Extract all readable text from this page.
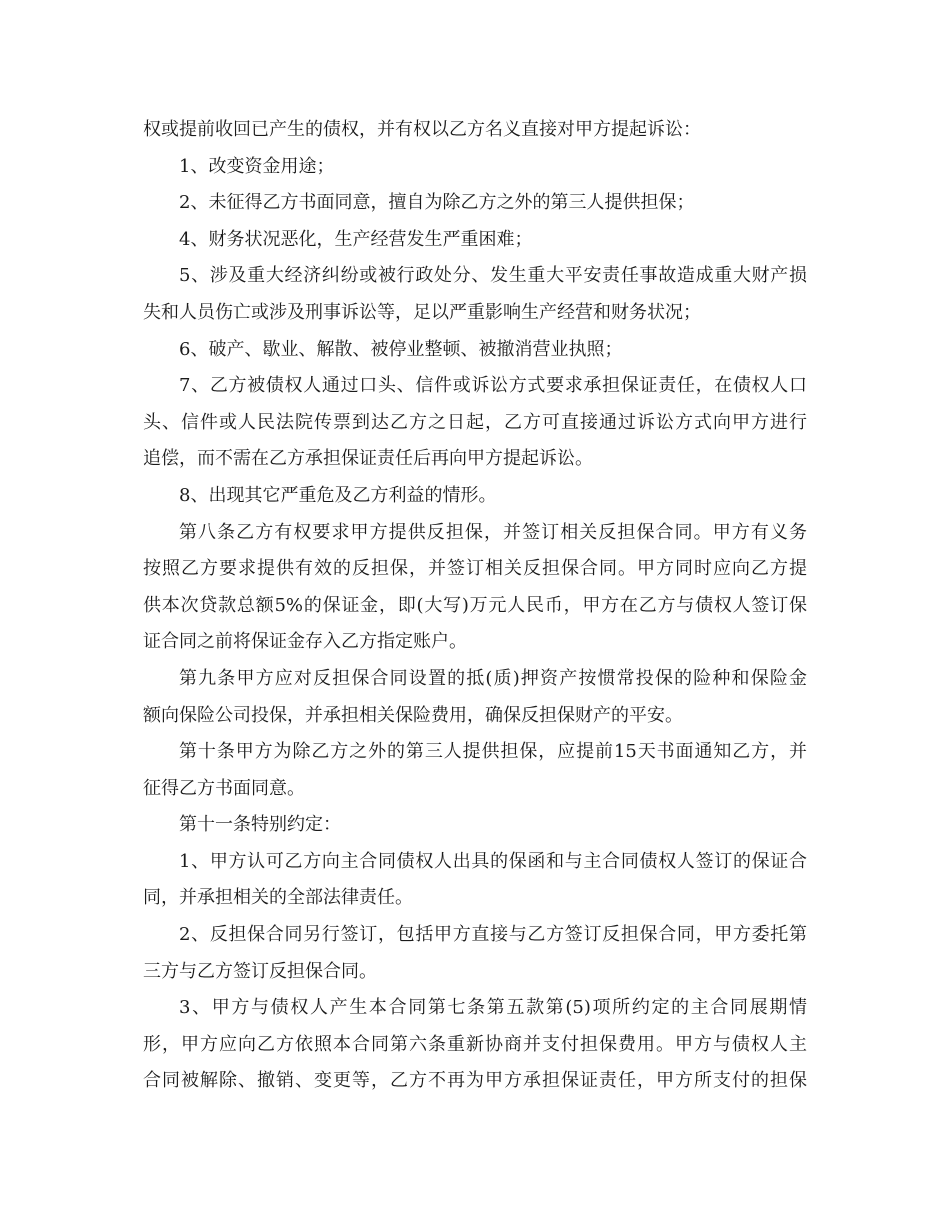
权或提前收回已产生的债权，并有权以乙方名义直接对甲方提起诉讼：
1、改变资金用途；
2、未征得乙方书面同意，擅自为除乙方之外的第三人提供担保；
4、财务状况恶化，生产经营发生严重困难；
5、涉及重大经济纠纷或被行政处分、发生重大平安责任事故造成重大财产损
失和人员伤亡或涉及刑事诉讼等，足以严重影响生产经营和财务状况；
6、破产、歇业、解散、被停业整顿、被撤消营业执照；
7、乙方被债权人通过口头、信件或诉讼方式要求承担保证责任，在债权人口
头、信件或人民法院传票到达乙方之日起，乙方可直接通过诉讼方式向甲方进行
追偿，而不需在乙方承担保证责任后再向甲方提起诉讼。
8、出现其它严重危及乙方利益的情形。
第八条乙方有权要求甲方提供反担保，并签订相关反担保合同。甲方有义务
按照乙方要求提供有效的反担保，并签订相关反担保合同。甲方同时应向乙方提
供本次贷款总额5%的保证金，即(大写)万元人民币，甲方在乙方与债权人签订保
证合同之前将保证金存入乙方指定账户。
第九条甲方应对反担保合同设置的抵(质)押资产按惯常投保的险种和保险金
额向保险公司投保，并承担相关保险费用，确保反担保财产的平安。
第十条甲方为除乙方之外的第三人提供担保，应提前15天书面通知乙方，并
征得乙方书面同意。
第十一条特别约定：
1、甲方认可乙方向主合同债权人出具的保函和与主合同债权人签订的保证合
同，并承担相关的全部法律责任。
2、反担保合同另行签订，包括甲方直接与乙方签订反担保合同，甲方委托第
三方与乙方签订反担保合同。
3、甲方与债权人产生本合同第七条第五款第(5)项所约定的主合同展期情
形，甲方应向乙方依照本合同第六条重新协商并支付担保费用。甲方与债权人主
合同被解除、撤销、变更等，乙方不再为甲方承担保证责任，甲方所支付的担保
